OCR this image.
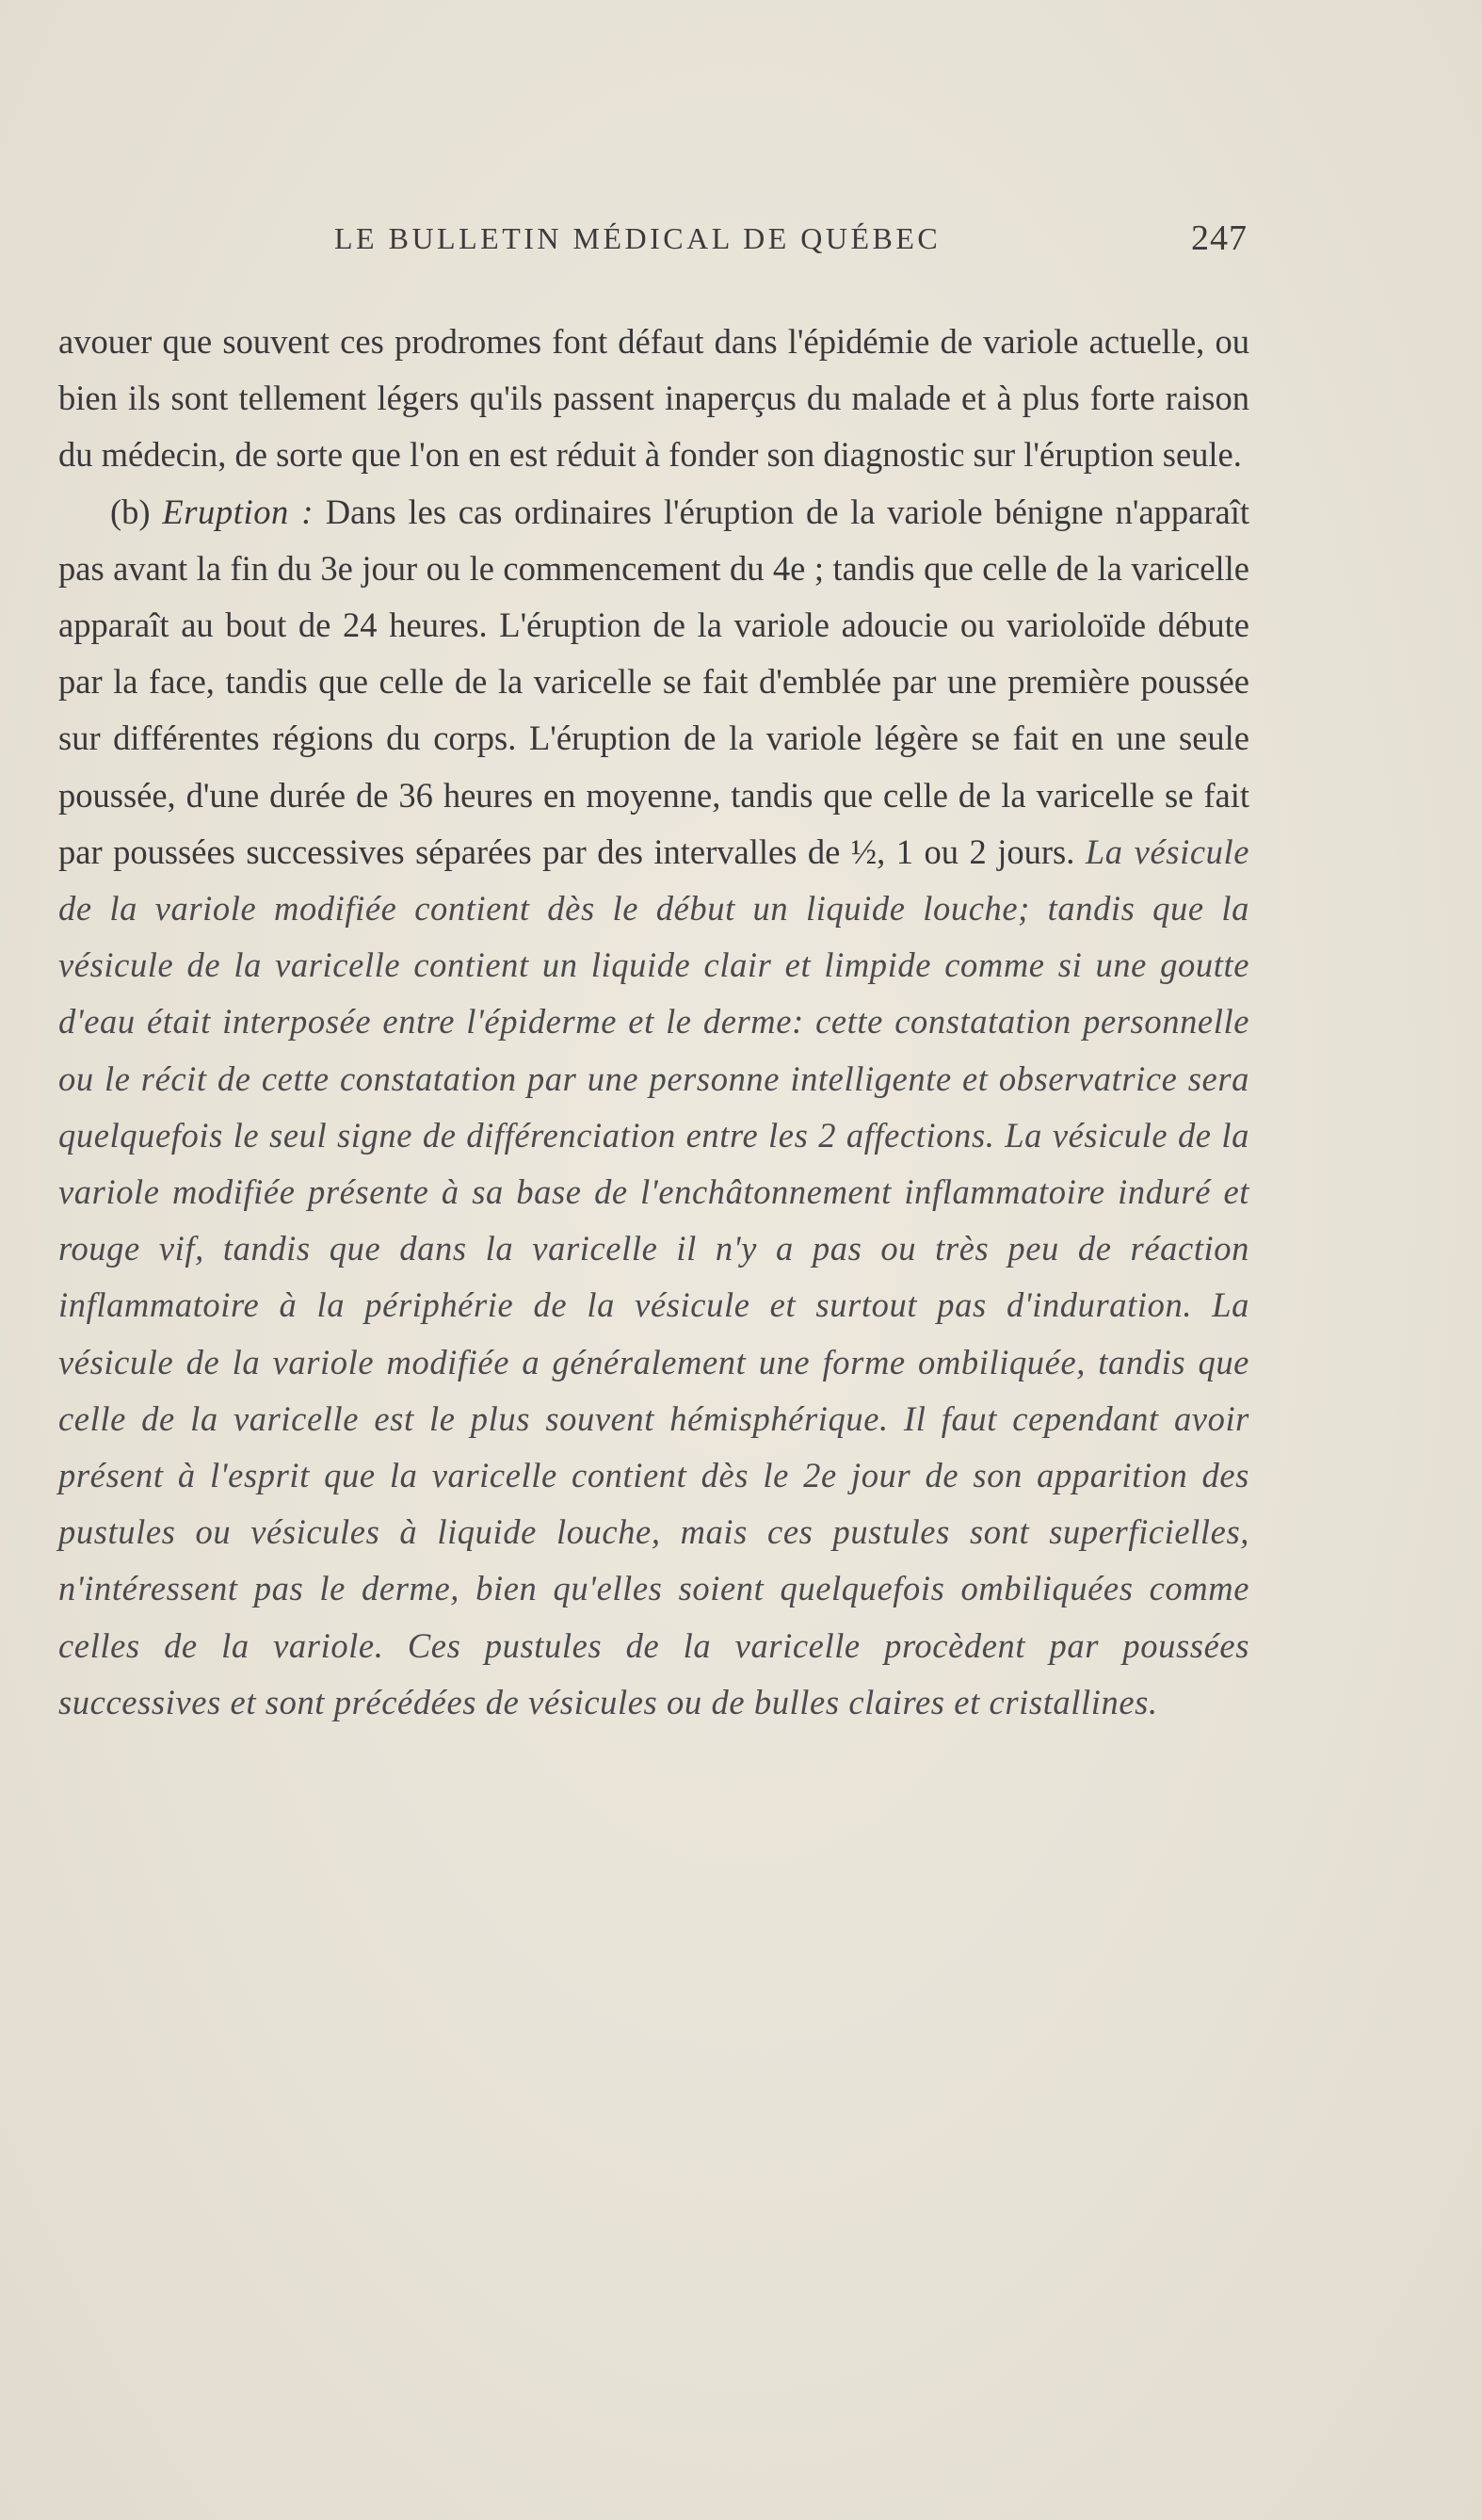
LE BULLETIN MÉDICAL DE QUÉBEC	247

avouer que souvent ces prodromes font défaut dans l'épidémie de variole actuelle, ou bien ils sont tellement légers qu'ils passent inaperçus du malade et à plus forte raison du médecin, de sorte que l'on en est réduit à fonder son diagnostic sur l'éruption seule.

(b) Eruption : Dans les cas ordinaires l'éruption de la variole bénigne n'apparaît pas avant la fin du 3e jour ou le commencement du 4e ; tandis que celle de la varicelle apparaît au bout de 24 heures. L'éruption de la variole adoucie ou varioloïde débute par la face, tandis que celle de la varicelle se fait d'emblée par une première poussée sur différentes régions du corps. L'éruption de la variole légère se fait en une seule poussée, d'une durée de 36 heures en moyenne, tandis que celle de la varicelle se fait par poussées successives séparées par des intervalles de ½, 1 ou 2 jours. La vésicule de la variole modifiée contient dès le début un liquide louche; tandis que la vésicule de la varicelle contient un liquide clair et limpide comme si une goutte d'eau était interposée entre l'épiderme et le derme: cette constatation personnelle ou le récit de cette constatation par une personne intelligente et observatrice sera quelquefois le seul signe de différenciation entre les 2 affections. La vésicule de la variole modifiée présente à sa base de l'enchâtonnement inflammatoire induré et rouge vif, tandis que dans la varicelle il n'y a pas ou très peu de réaction inflammatoire à la périphérie de la vésicule et surtout pas d'induration. La vésicule de la variole modifiée a généralement une forme ombiliquée, tandis que celle de la varicelle est le plus souvent hémisphérique. Il faut cependant avoir présent à l'esprit que la varicelle contient dès le 2e jour de son apparition des pustules ou vésicules à liquide louche, mais ces pustules sont superficielles, n'intéressent pas le derme, bien qu'elles soient quelquefois ombiliquées comme celles de la variole. Ces pustules de la varicelle procèdent par poussées successives et sont précédées de vésicules ou de bulles claires et cristallines.
